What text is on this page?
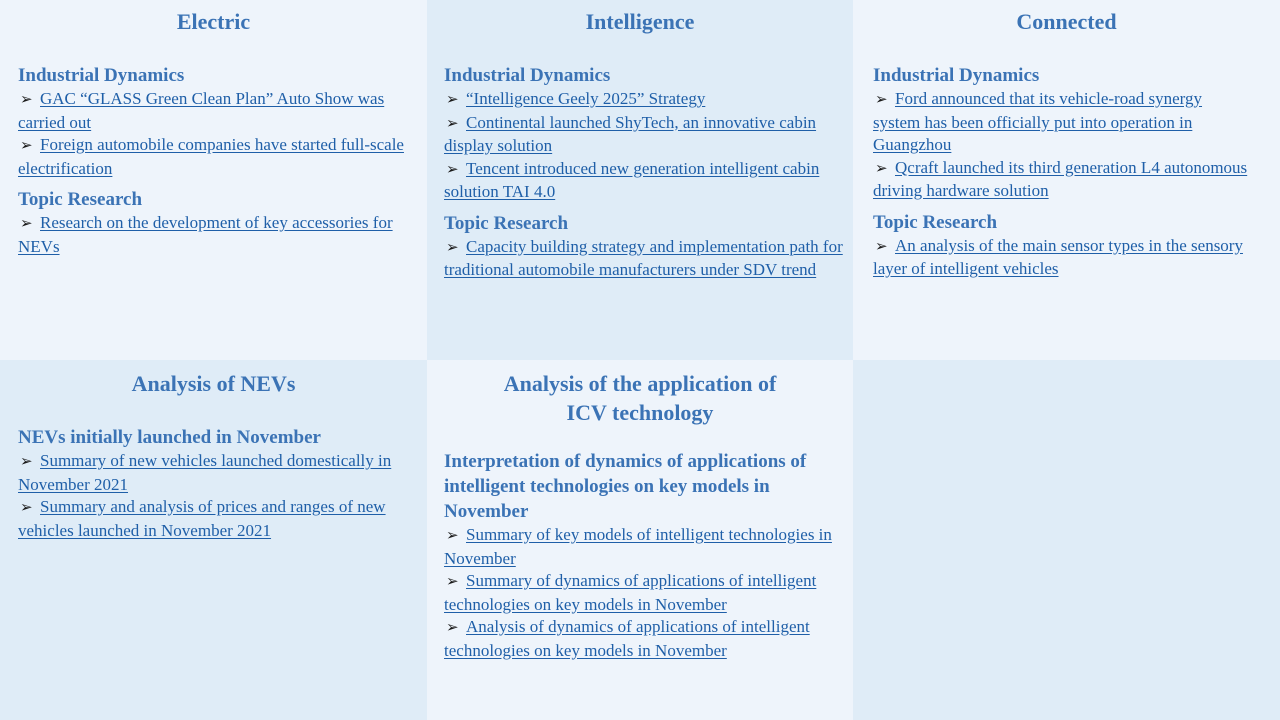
Electric
Industrial Dynamics
➢ GAC “GLASS Green Clean Plan” Auto Show was carried out
➢ Foreign automobile companies have started full-scale electrification
Topic Research
➢ Research on the development of key accessories for NEVs
Intelligence
Industrial Dynamics
➢ “Intelligence Geely 2025” Strategy
➢ Continental launched ShyTech, an innovative cabin display solution
➢ Tencent introduced new generation intelligent cabin solution TAI 4.0
Topic Research
➢ Capacity building strategy and implementation path for traditional automobile manufacturers under SDV trend
Connected
Industrial Dynamics
➢ Ford announced that its vehicle-road synergy system has been officially put into operation in Guangzhou
➢ Qcraft launched its third generation L4 autonomous driving hardware solution
Topic Research
➢ An analysis of the main sensor types in the sensory layer of intelligent vehicles
Analysis of NEVs
NEVs initially launched in November
➢ Summary of new vehicles launched domestically in November 2021
➢ Summary and analysis of prices and ranges of new vehicles launched in November 2021
Analysis of the application of
ICV technology
Interpretation of dynamics of applications of intelligent technologies on key models in November
➢ Summary of key models of intelligent technologies in November
➢ Summary of dynamics of applications of intelligent technologies on key models in November
➢ Analysis of dynamics of applications of intelligent technologies on key models in November
